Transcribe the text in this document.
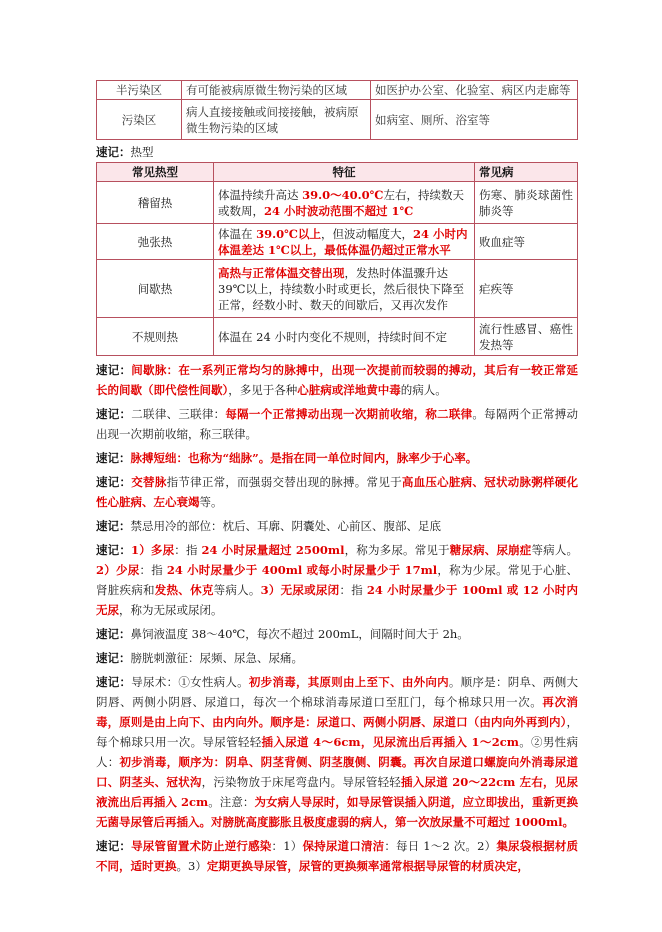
半污染区	有可能被病原微生物污染的区域	如医护办公室、化验室、病区内走廊等
污染区	病人直接接触或间接接触，被病原微生物污染的区域	如病室、厕所、浴室等

速记：热型

常见热型	特征	常见病
稽留热	体温持续升高达 39.0～40.0℃左右，持续数天或数周，24 小时波动范围不超过 1℃	伤寒、肺炎球菌性肺炎等
弛张热	体温在 39.0℃以上，但波动幅度大，24 小时内体温差达 1℃以上，最低体温仍超过正常水平	败血症等
间歇热	高热与正常体温交替出现，发热时体温骤升达 39℃以上，持续数小时或更长，然后很快下降至正常，经数小时、数天的间歇后，又再次发作	疟疾等
不规则热	体温在 24 小时内变化不规则，持续时间不定	流行性感冒、癌性发热等

速记：间歇脉：在一系列正常均匀的脉搏中，出现一次提前而较弱的搏动，其后有一较正常延长的间歇（即代偿性间歇），多见于各种心脏病或洋地黄中毒的病人。

速记：二联律、三联律：每隔一个正常搏动出现一次期前收缩，称二联律。每隔两个正常搏动出现一次期前收缩，称三联律。

速记：脉搏短绌：也称为“绌脉”。是指在同一单位时间内，脉率少于心率。

速记：交替脉指节律正常，而强弱交替出现的脉搏。常见于高血压心脏病、冠状动脉粥样硬化性心脏病、左心衰竭等。

速记：禁忌用冷的部位：枕后、耳廓、阴囊处、心前区、腹部、足底

速记：1）多尿：指 24 小时尿量超过 2500ml，称为多尿。常见于糖尿病、尿崩症等病人。2）少尿：指 24 小时尿量少于 400ml 或每小时尿量少于 17ml，称为少尿。常见于心脏、肾脏疾病和发热、休克等病人。3）无尿或尿闭：指 24 小时尿量少于 100ml 或 12 小时内无尿，称为无尿或尿闭。

速记：鼻饲液温度 38～40℃，每次不超过 200mL，间隔时间大于 2h。

速记：膀胱刺激征：尿频、尿急、尿痛。

速记：导尿术：①女性病人。初步消毒，其原则由上至下、由外向内。顺序是：阴阜、两侧大阴唇、两侧小阴唇、尿道口，每次一个棉球消毒尿道口至肛门，每个棉球只用一次。再次消毒，原则是由上向下、由内向外。顺序是：尿道口、两侧小阴唇、尿道口（由内向外再到内），每个棉球只用一次。导尿管轻轻插入尿道 4～6cm，见尿流出后再插入 1～2cm。②男性病人：初步消毒，顺序为：阴阜、阴茎背侧、阴茎腹侧、阴囊。再次自尿道口螺旋向外消毒尿道口、阴茎头、冠状沟，污染物放于床尾弯盘内。导尿管轻轻插入尿道 20～22cm 左右，见尿液流出后再插入 2cm。注意：为女病人导尿时，如导尿管误插入阴道，应立即拔出，重新更换无菌导尿管后再插入。对膀胱高度膨胀且极度虚弱的病人，第一次放尿量不可超过 1000ml。

速记：导尿管留置术防止逆行感染：1）保持尿道口清洁：每日 1～2 次。2）集尿袋根据材质不同，适时更换。3）定期更换导尿管，尿管的更换频率通常根据导尿管的材质决定，
